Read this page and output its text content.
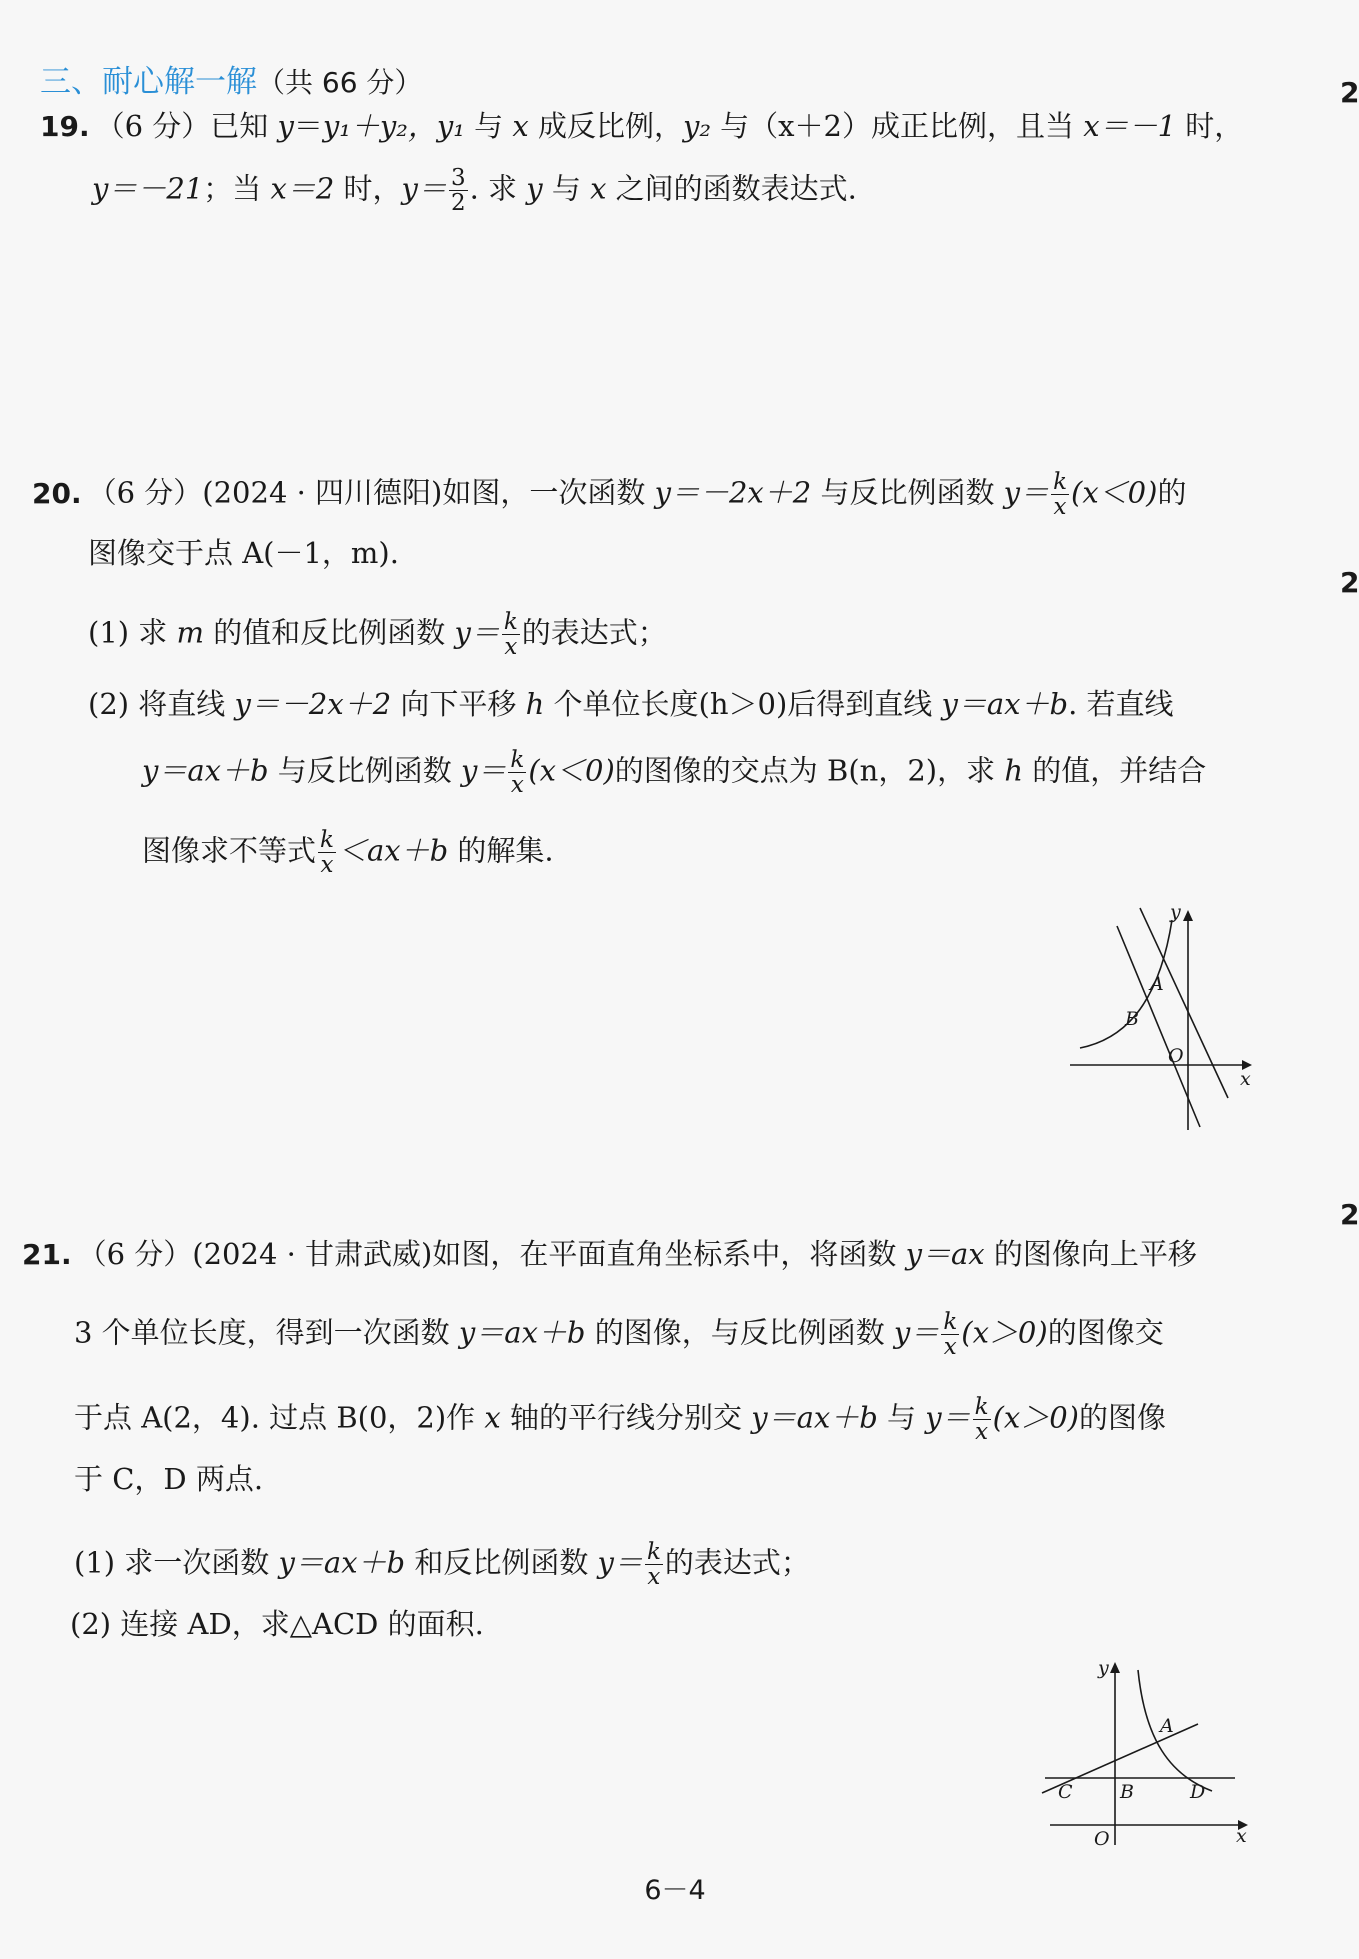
三、耐心解一解（共 66 分）	2
2
2
19. （6 分）已知 y＝y₁＋y₂，y₁ 与 x 成反比例，y₂ 与（x＋2）成正比例，且当 x＝－1 时，
y＝－21；当 x＝2 时，$y= \frac{3}{2}$ . 求 y 与 x 之间的函数表达式.
20. （6 分）(2024 · 四川德阳)如图，一次函数 y＝－2x＋2 与反比例函数 $y= \frac{k}{x} (x<0)$的
图像交于点 A(－1，m).
(1) 求 m 的值和反比例函数 $y= \frac{k}{x}$ 的表达式；
(2) 将直线 y＝－2x＋2 向下平移 h 个单位长度(h＞0)后得到直线 y＝ax＋b. 若直线
y＝ax＋b 与反比例函数 $y= \frac{k}{x} (x<0)$的图像的交点为 B(n，2)，求 h 的值，并结合
图像求不等式 $\frac{k}{x} <ax+b$ 的解集.
y
A
B
O
x
21. （6 分）(2024 · 甘肃武威)如图，在平面直角坐标系中，将函数 y＝ax 的图像向上平移
3 个单位长度，得到一次函数 y＝ax＋b 的图像，与反比例函数 $y= \frac{k}{x} (x>0)$的图像交
于点 A(2，4). 过点 B(0，2)作 x 轴的平行线分别交 y＝ax＋b 与 $y= \frac{k}{x} (x>0)$的图像
于 C，D 两点.
(1) 求一次函数 y＝ax＋b 和反比例函数 $y= \frac{k}{x}$ 的表达式；
(2) 连接 AD，求△ACD 的面积.
y
A
C B	D
O	x
6－4
